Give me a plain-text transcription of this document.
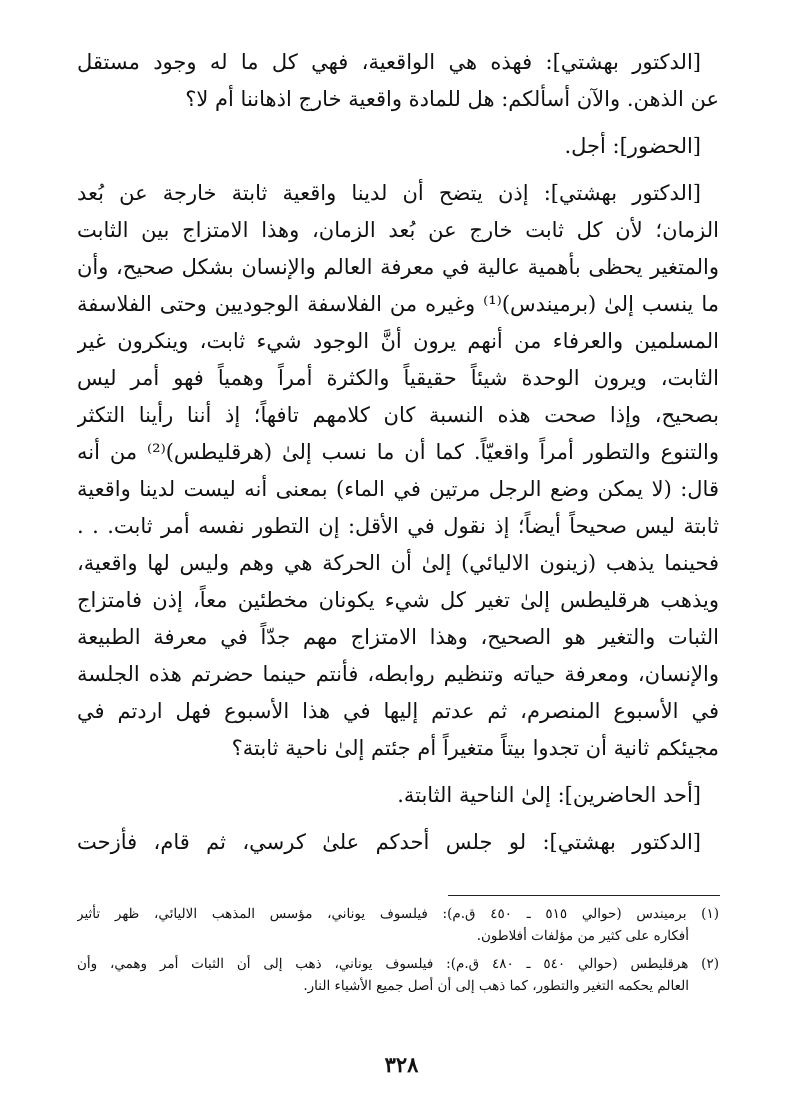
[الدكتور بهشتي]: فهذه هي الواقعية، فهي كل ما له وجود مستقل
عن الذهن. والآن أسألكم: هل للمادة واقعية خارج اذهاننا أم لا؟
[الحضور]: أجل.
[الدكتور بهشتي]: إذن يتضح أن لدينا واقعية ثابتة خارجة عن بُعد
الزمان؛ لأن كل ثابت خارج عن بُعد الزمان، وهذا الامتزاج بين الثابت
والمتغير يحظى بأهمية عالية في معرفة العالم والإنسان بشكل صحيح، وأن
ما ينسب إلىٰ (برميندس)⁽¹⁾ وغيره من الفلاسفة الوجوديين وحتى الفلاسفة
المسلمين والعرفاء من أنهم يرون أنَّ الوجود شيء ثابت، وينكرون غير
الثابت، ويرون الوحدة شيئاً حقيقياً والكثرة أمراً وهمياً فهو أمر ليس
بصحيح، وإذا صحت هذه النسبة كان كلامهم تافهاً؛ إذ أننا رأينا التكثر
والتنوع والتطور أمراً واقعيّاً. كما أن ما نسب إلىٰ (هرقليطس)⁽²⁾ من أنه
قال: (لا يمكن وضع الرجل مرتين في الماء) بمعنى أنه ليست لدينا واقعية
ثابتة ليس صحيحاً أيضاً؛ إذ نقول في الأقل: إن التطور نفسه أمر ثابت. . .
فحينما يذهب (زينون الاليائي) إلىٰ أن الحركة هي وهم وليس لها واقعية،
ويذهب هرقليطس إلىٰ تغير كل شيء يكونان مخطئين معاً، إذن فامتزاج
الثبات والتغير هو الصحيح، وهذا الامتزاج مهم جدّاً في معرفة الطبيعة
والإنسان، ومعرفة حياته وتنظيم روابطه، فأنتم حينما حضرتم هذه الجلسة
في الأسبوع المنصرم، ثم عدتم إليها في هذا الأسبوع فهل اردتم في
مجيئكم ثانية أن تجدوا بيتاً متغيراً أم جئتم إلىٰ ناحية ثابتة؟
[أحد الحاضرين]: إلىٰ الناحية الثابتة.
[الدكتور بهشتي]: لو جلس أحدكم علىٰ كرسي، ثم قام، فأزحت
(١) برميندس (حوالي ٥١٥ ـ ٤٥٠ ق.م): فيلسوف يوناني، مؤسس المذهب الاليائي، ظهر تأثير
أفكاره على كثير من مؤلفات أفلاطون.
(٢) هرقليطس (حوالي ٥٤٠ ـ ٤٨٠ ق.م): فيلسوف يوناني، ذهب إلى أن الثبات أمر وهمي، وأن
العالم يحكمه التغير والتطور، كما ذهب إلى أن أصل جميع الأشياء النار.
٣٢٨
